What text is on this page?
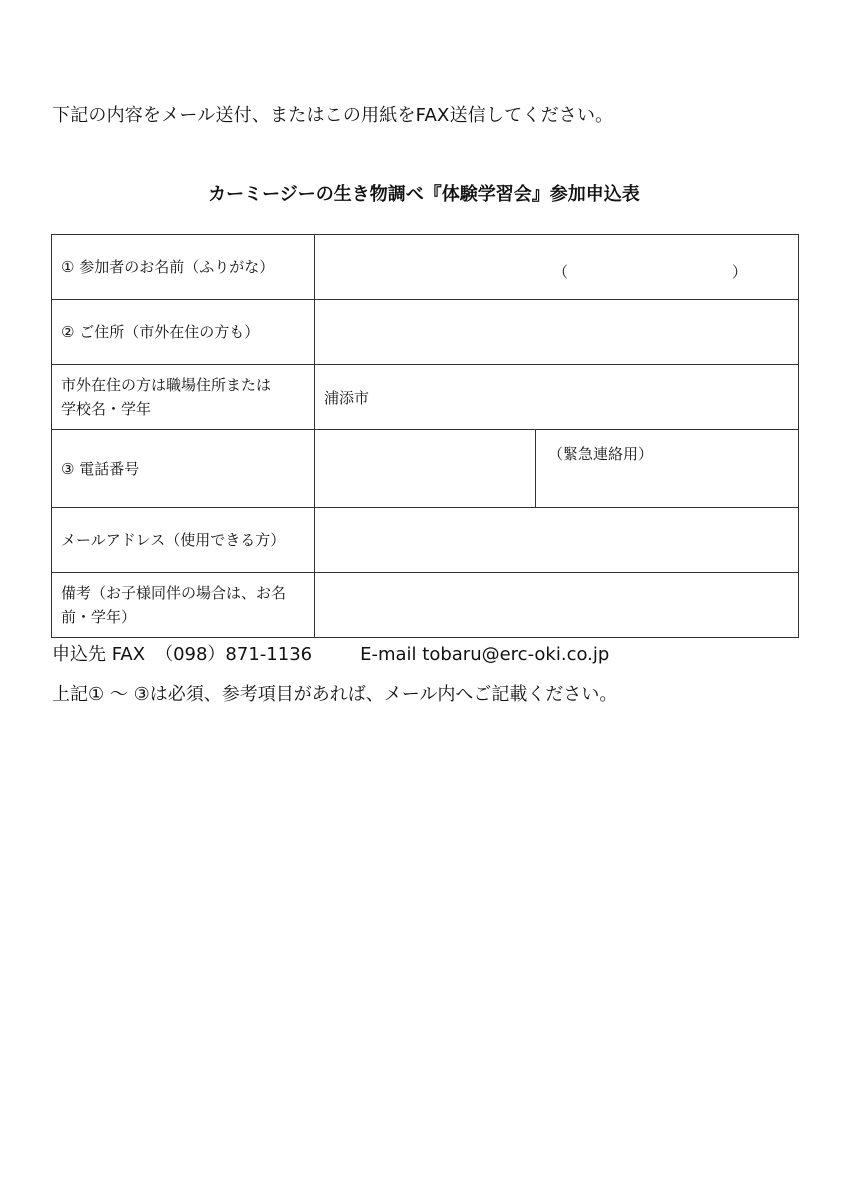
下記の内容をメール送付、またはこの用紙をFAX送信してください。
カーミージーの生き物調べ『体験学習会』参加申込表
① 参加者のお名前（ふりがな）	（ ）	

② ご住所（市外在住の方も）		

市外在住の方は職場住所または
学校名・学年	浦添市	
③ 電話番号		（緊急連絡用）
メールアドレス（使用できる方）		

備考（お子様同伴の場合は、お名
前・学年）		

申込先 FAX （098）871-1136	E-mail tobaru@erc-oki.co.jp
上記① 〜 ③は必須、参考項目があれば、メール内へご記載ください。
